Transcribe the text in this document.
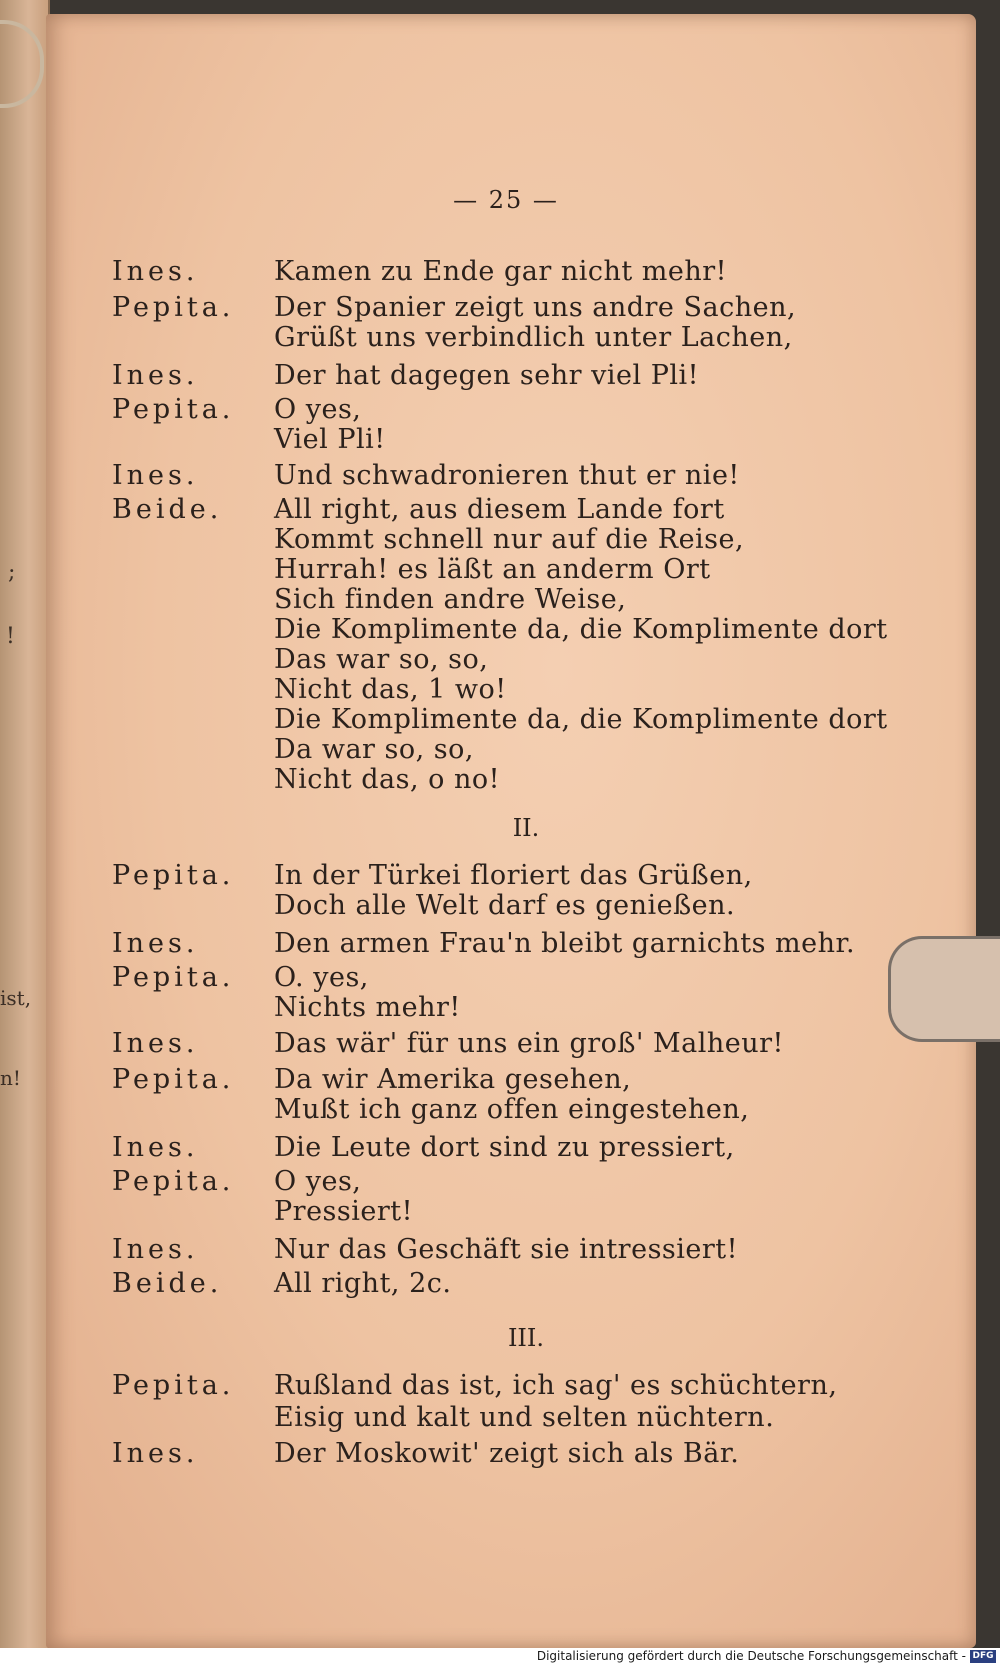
;
!
ist,
n!
— 25 —
Ines.	Kamen zu Ende gar nicht mehr!
Pepita. Der Spanier zeigt uns andre Sachen,
Grüßt uns verbindlich unter Lachen,
Ines.	Der hat dagegen sehr viel Pli!
Pepita. O yes,
Viel Pli!
Ines.	Und schwadronieren thut er nie!
Beide. All right, aus diesem Lande fort
Kommt schnell nur auf die Reise,
Hurrah! es läßt an anderm Ort
Sich finden andre Weise,
Die Komplimente da, die Komplimente dort
Das war so, so,
Nicht das, 1 wo!
Die Komplimente da, die Komplimente dort
Da war so, so,
Nicht das, o no!
II.
Pepita. In der Türkei floriert das Grüßen,
Doch alle Welt darf es genießen.
Ines.	Den armen Frau'n bleibt garnichts mehr.
Pepita. O. yes,
Nichts mehr!
Ines.	Das wär' für uns ein groß' Malheur!
Pepita. Da wir Amerika gesehen,
Mußt ich ganz offen eingestehen,
Ines.	Die Leute dort sind zu pressiert,
Pepita. O yes,
Pressiert!
Ines.	Nur das Geschäft sie intressiert!
Beide. All right, 2c.
III.
Pepita. Rußland das ist, ich sag' es schüchtern,
Eisig und kalt und selten nüchtern.
Ines.	Der Moskowit' zeigt sich als Bär.
Digitalisierung gefördert durch die Deutsche Forschungsgemeinschaft - DFG
